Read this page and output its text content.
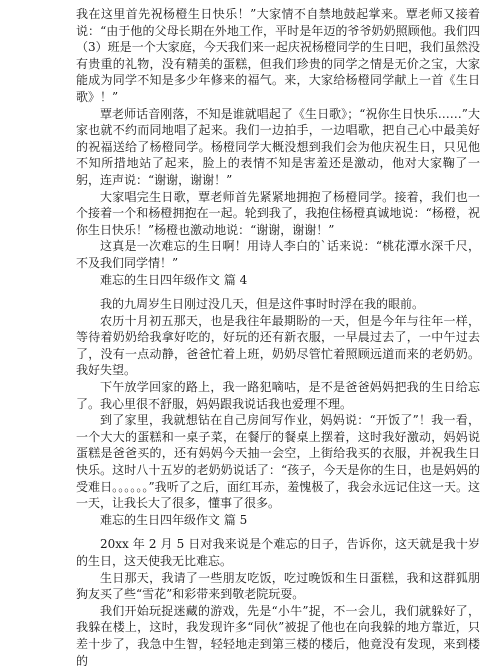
我在这里首先祝杨橙生日快乐！”大家情不自禁地鼓起掌来。覃老师又接着说：“由于他的父母长期在外地工作，平时是年迈的爷爷奶奶照顾他。我们四（3）班是一个大家庭，今天我们来一起庆祝杨橙同学的生日吧，我们虽然没有贵重的礼物，没有精美的蛋糕，但我们珍贵的同学之情是无价之宝，大家能成为同学不知是多少年修来的福气。来，大家给杨橙同学献上一首《生日歌》！”

覃老师话音刚落，不知是谁就唱起了《生日歌》；“祝你生日快乐……”大家也就不约而同地唱了起来。我们一边拍手，一边唱歌，把自己心中最美好的祝福送给了杨橙同学。杨橙同学大概没想到我们会为他庆祝生日，只见他不知所措地站了起来，脸上的表情不知是害羞还是激动，他对大家鞠了一躬，连声说：“谢谢，谢谢！”

大家唱完生日歌，覃老师首先紧紧地拥抱了杨橙同学。接着，我们也一个接着一个和杨橙拥抱在一起。轮到我了，我抱住杨橙真诚地说：“杨橙，祝你生日快乐！”杨橙也激动地说：“谢谢，谢谢！”

这真是一次难忘的生日啊！用诗人李白的`话来说：“桃花潭水深千尺，不及我们同学情！”

难忘的生日四年级作文 篇 4

我的九周岁生日刚过没几天，但是这件事时时浮在我的眼前。

农历十月初五那天，也是我往年最期盼的一天，但是今年与往年一样，等待着奶奶给我拿好吃的，好玩的还有新衣服，一早晨过去了，一中午过去了，没有一点动静，爸爸忙着上班，奶奶尽管忙着照顾远道而来的老奶奶。我好失望。

下午放学回家的路上，我一路犯嘀咕，是不是爸爸妈妈把我的生日给忘了。我心里很不舒服，妈妈跟我说话我也爱理不理。

到了家里，我就想钻在自己房间写作业，妈妈说：“开饭了”！我一看，一个大大的蛋糕和一桌子菜，在餐厅的餐桌上摆着，这时我好激动，妈妈说蛋糕是爸爸买的，还有妈妈今天抽一会空，上街给我买的衣服，并祝我生日快乐。这时八十五岁的老奶奶说话了：“孩子，今天是你的生日，也是妈妈的受难日。。。。。。”我听了之后，面红耳赤，羞愧极了，我会永远记住这一天。这一天，让我长大了很多，懂事了很多。

难忘的生日四年级作文 篇 5

20xx 年 2 月 5 日对我来说是个难忘的日子，告诉你，这天就是我十岁的生日，这天使我无比难忘。

生日那天，我请了一些朋友吃饭，吃过晚饭和生日蛋糕，我和这群狐朋狗友买了些“雪花”和彩带来到敬老院玩耍。

我们开始玩捉迷藏的游戏，先是“小牛”捉，不一会儿，我们就躲好了，我躲在楼上，这时，我发现许多“同伙”被捉了他也在向我躲的地方靠近，只差十步了，我急中生智，轻轻地走到第三楼的楼后，他竟没有发现，来到楼的
